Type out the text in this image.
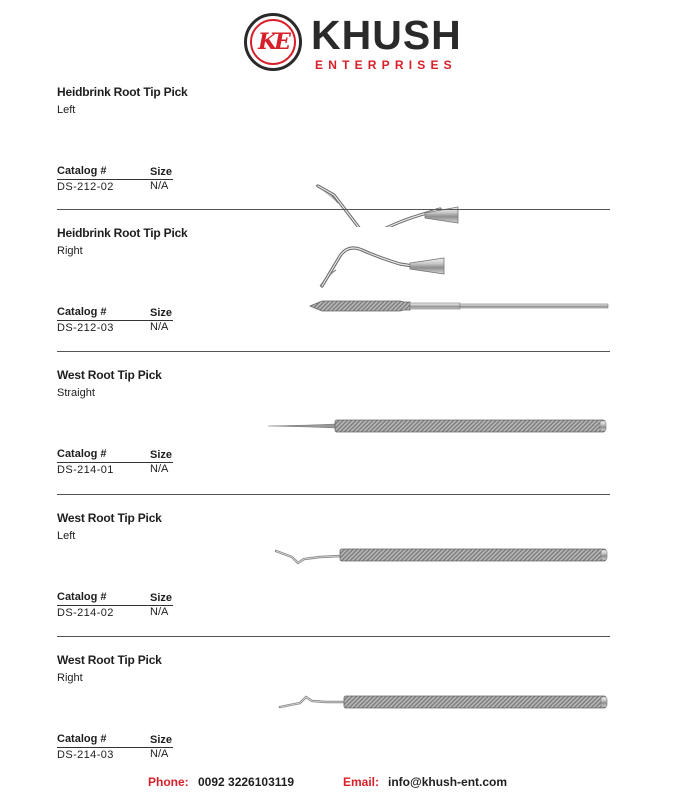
KE KHUSH
ENTERPRISES
Heidbrink Root Tip Pick
Left
Catalog #	Size
DS-212-02	N/A
Heidbrink Root Tip Pick
Right
Catalog #	Size
DS-212-03	N/A
West Root Tip Pick
Straight
Catalog #	Size
DS-214-01	N/A
West Root Tip Pick
Left
Catalog #	Size
DS-214-02	N/A
West Root Tip Pick
Right
Catalog #	Size
DS-214-03	N/A
Phone: 0092 3226103119	Email: info@khush-ent.com
